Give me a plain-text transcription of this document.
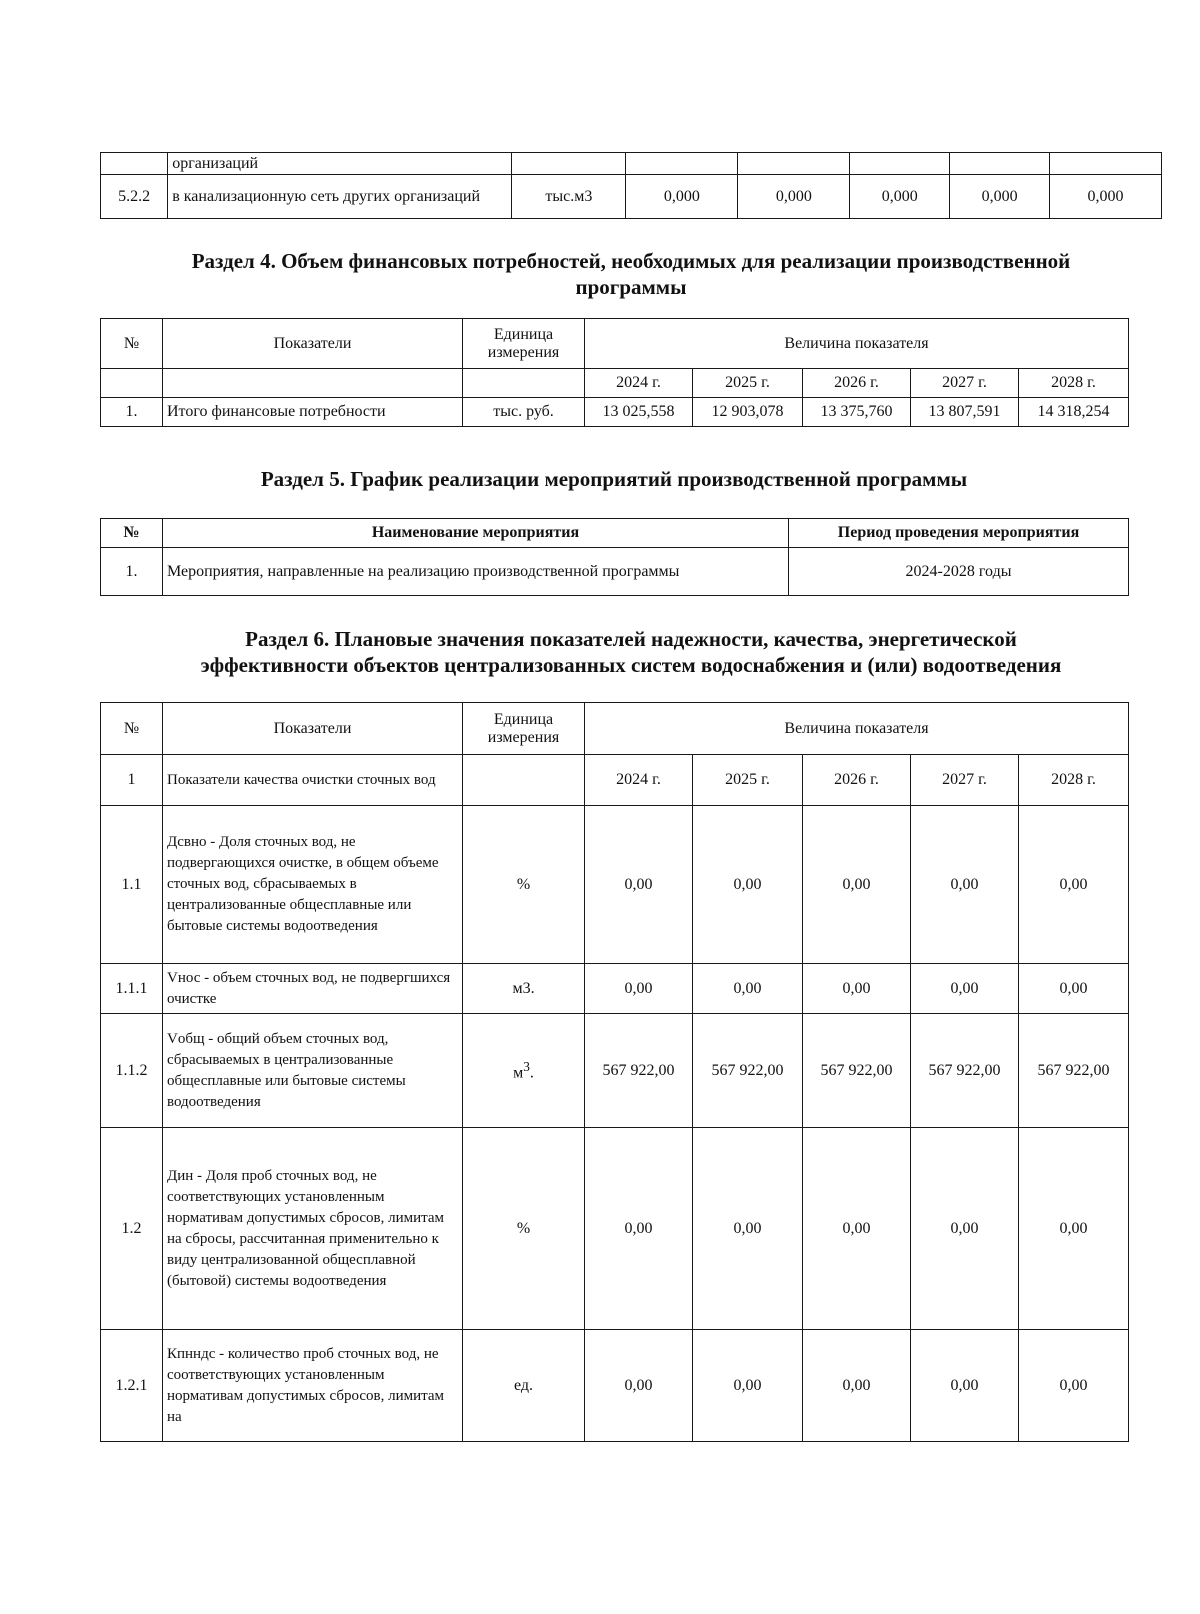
	организаций						
5.2.2	в канализационную сеть других организаций	тыс.м3	0,000	0,000	0,000	0,000	0,000
Раздел 4. Объем финансовых потребностей, необходимых для реализации производственной
программы
№	Показатели	Единица измерения	Величина показателя				
			2024 г.	2025 г.	2026 г.	2027 г.	2028 г.
1.	Итого финансовые потребности	тыс. руб.	13 025,558	12 903,078	13 375,760	13 807,591	14 318,254
Раздел 5. График реализации мероприятий производственной программы
№	Наименование мероприятия	Период проведения мероприятия
1.	Мероприятия, направленные на реализацию производственной программы	2024-2028 годы
Раздел 6. Плановые значения показателей надежности, качества, энергетической
эффективности объектов централизованных систем водоснабжения и (или) водоотведения
№	Показатели	Единица измерения	Величина показателя				
1	Показатели качества очистки сточных вод		2024 г.	2025 г.	2026 г.	2027 г.	2028 г.
1.1	Дсвно - Доля сточных вод, не подвергающихся очистке, в общем объеме сточных вод, сбрасываемых в централизованные общесплавные или бытовые системы водоотведения	%	0,00	0,00	0,00	0,00	0,00
1.1.1	Vнос - объем сточных вод, не подвергшихся очистке	м3.	0,00	0,00	0,00	0,00	0,00
1.1.2	Vобщ - общий объем сточных вод, сбрасываемых в централизованные общесплавные или бытовые системы водоотведения	$м^3$.	567 922,00	567 922,00	567 922,00	567 922,00	567 922,00
1.2	Дин - Доля проб сточных вод, не соответствующих установленным нормативам допустимых сбросов, лимитам на сбросы, рассчитанная применительно к виду централизованной общесплавной (бытовой) системы водоотведения	%	0,00	0,00	0,00	0,00	0,00
1.2.1	Кпнндс - количество проб сточных вод, не соответствующих установленным нормативам допустимых сбросов, лимитам на	ед.	0,00	0,00	0,00	0,00	0,00
